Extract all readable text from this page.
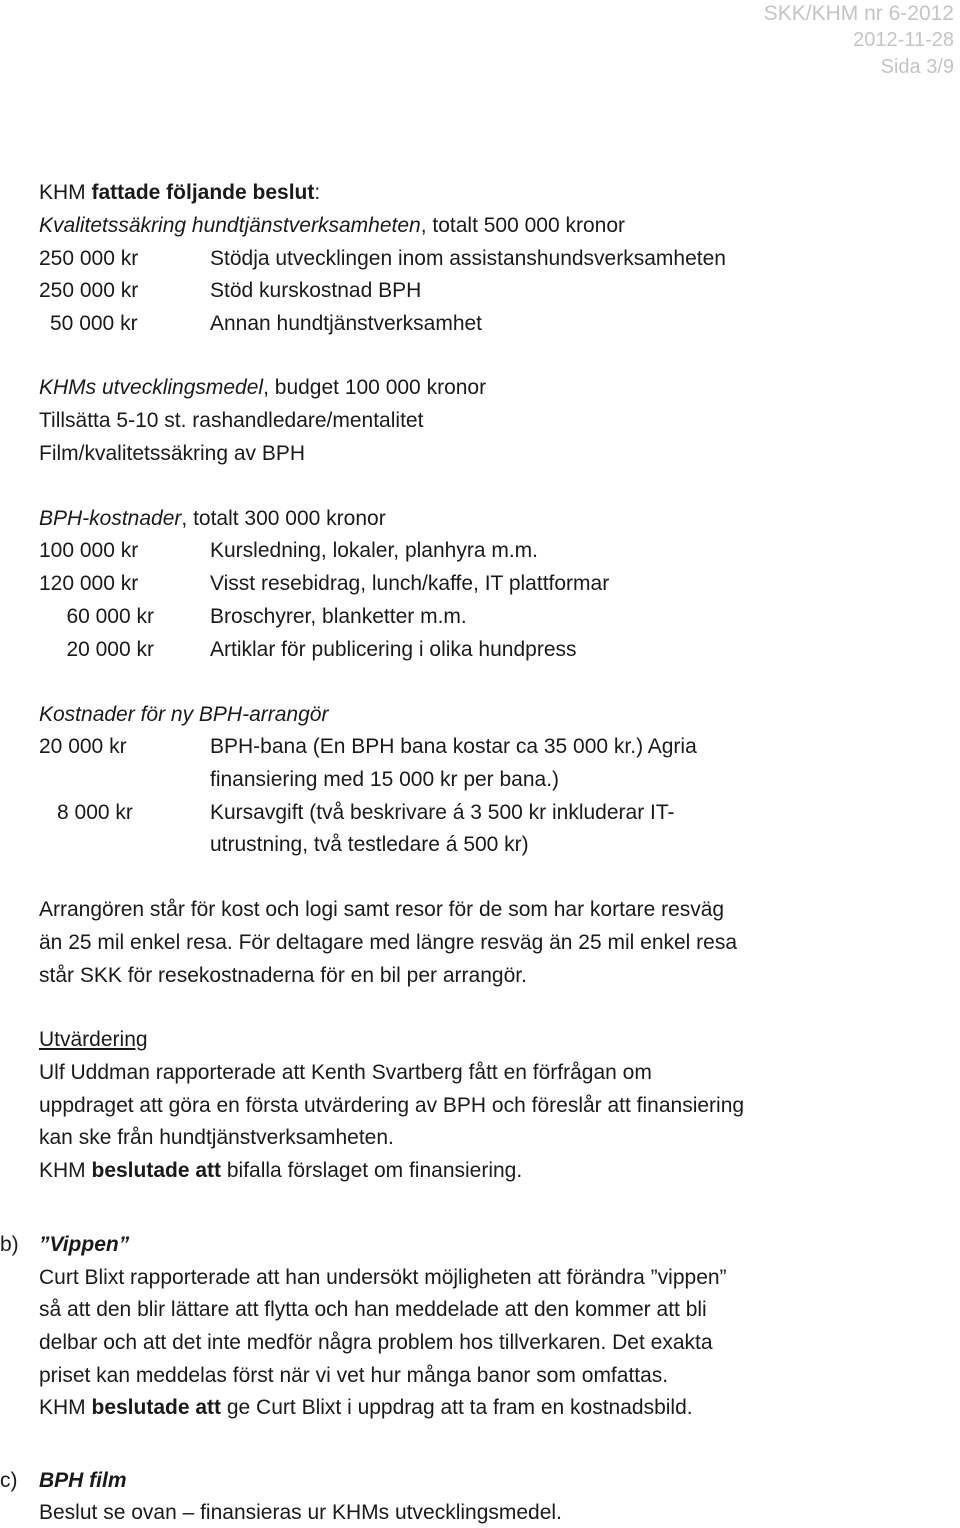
SKK/KHM nr 6-2012
2012-11-28
Sida 3/9
KHM fattade följande beslut:
Kvalitetssäkring hundtjänstverksamheten, totalt 500 000 kronor
250 000 kr	Stödja utvecklingen inom assistanshundsverksamheten
250 000 kr	Stöd kurskostnad BPH
50 000 kr	Annan hundtjänstverksamhet
KHMs utvecklingsmedel, budget 100 000 kronor
Tillsätta 5-10 st. rashandledare/mentalitet
Film/kvalitetssäkring av BPH
BPH-kostnader, totalt 300 000 kronor
100 000 kr	Kursledning, lokaler, planhyra m.m.
120 000 kr	Visst resebidrag, lunch/kaffe, IT plattformar
60 000 kr	Broschyrer, blanketter m.m.
20 000 kr	Artiklar för publicering i olika hundpress
Kostnader för ny BPH-arrangör
20 000 kr	BPH-bana (En BPH bana kostar ca 35 000 kr.) Agria
finansiering med 15 000 kr per bana.)
8 000 kr	Kursavgift (två beskrivare á 3 500 kr inkluderar IT-
utrustning, två testledare á 500 kr)
Arrangören står för kost och logi samt resor för de som har kortare resväg
än 25 mil enkel resa. För deltagare med längre resväg än 25 mil enkel resa
står SKK för resekostnaderna för en bil per arrangör.
Utvärdering
Ulf Uddman rapporterade att Kenth Svartberg fått en förfrågan om
uppdraget att göra en första utvärdering av BPH och föreslår att finansiering
kan ske från hundtjänstverksamheten.
KHM beslutade att bifalla förslaget om finansiering.
b) ”Vippen”
Curt Blixt rapporterade att han undersökt möjligheten att förändra ”vippen”
så att den blir lättare att flytta och han meddelade att den kommer att bli
delbar och att det inte medför några problem hos tillverkaren. Det exakta
priset kan meddelas först när vi vet hur många banor som omfattas.
KHM beslutade att ge Curt Blixt i uppdrag att ta fram en kostnadsbild.
c) BPH film
Beslut se ovan – finansieras ur KHMs utvecklingsmedel.
